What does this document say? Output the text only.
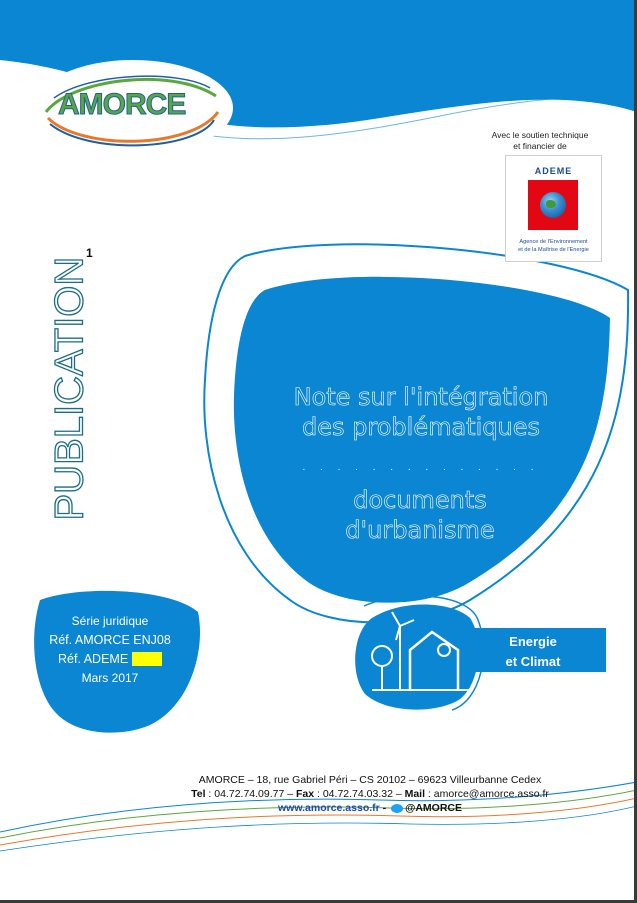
AMORCE
Avec le soutien technique
et financier de
ADEME
Agence de l'Environnement
et de la Maîtrise de l'Energie
1
PUBLICATION	Note sur l'intégration
des problématiques
. . . . . . . . . . . . . .
documents
d'urbanisme
Série juridique
Réf. AMORCE ENJ08
Réf. ADEME
Mars 2017
Energie
et Climat
AMORCE – 18, rue Gabriel Péri – CS 20102 – 69623 Villeurbanne Cedex
Tel : 04.72.74.09.77 – Fax : 04.72.74.03.32 – Mail : amorce@amorce.asso.fr
www.amorce.asso.fr - @AMORCE
